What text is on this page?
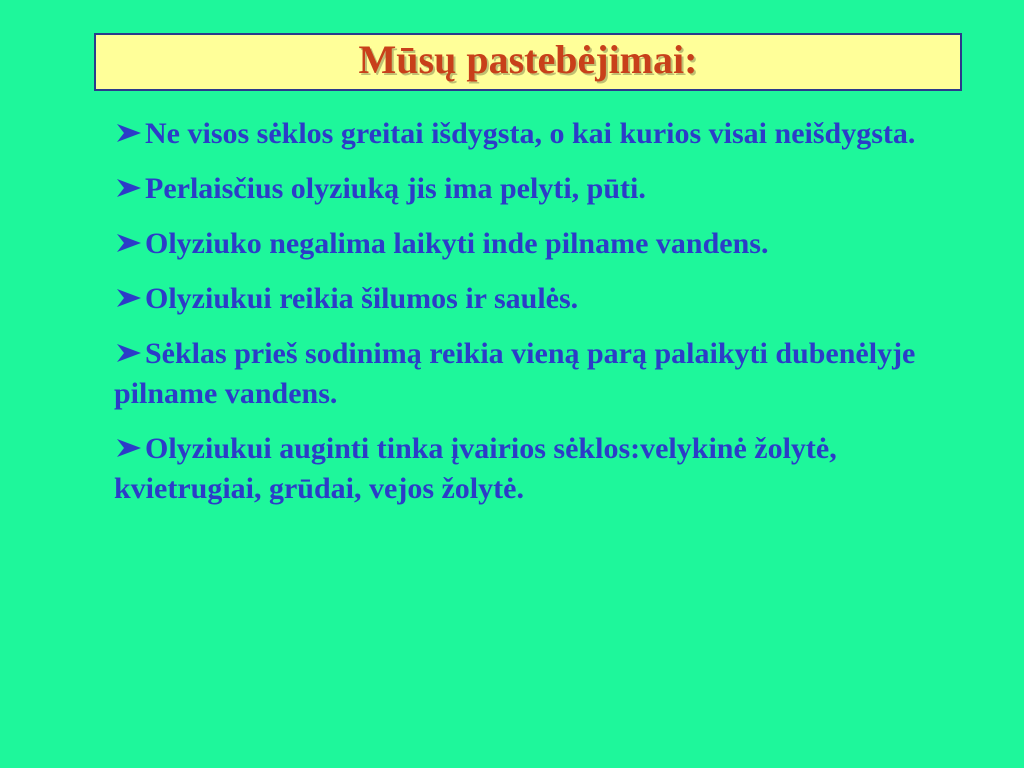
Mūsų pastebėjimai:
Ne visos sėklos greitai išdygsta, o kai kurios visai neišdygsta.
Perlaisčius olyziuką jis ima pelyti, pūti.
Olyziuko negalima laikyti inde pilname vandens.
Olyziukui reikia šilumos ir saulės.
Sėklas prieš sodinimą reikia vieną parą palaikyti dubenėlyje pilname vandens.
Olyziukui auginti tinka įvairios sėklos:velykinė žolytė, kvietrugiai, grūdai, vejos žolytė.
